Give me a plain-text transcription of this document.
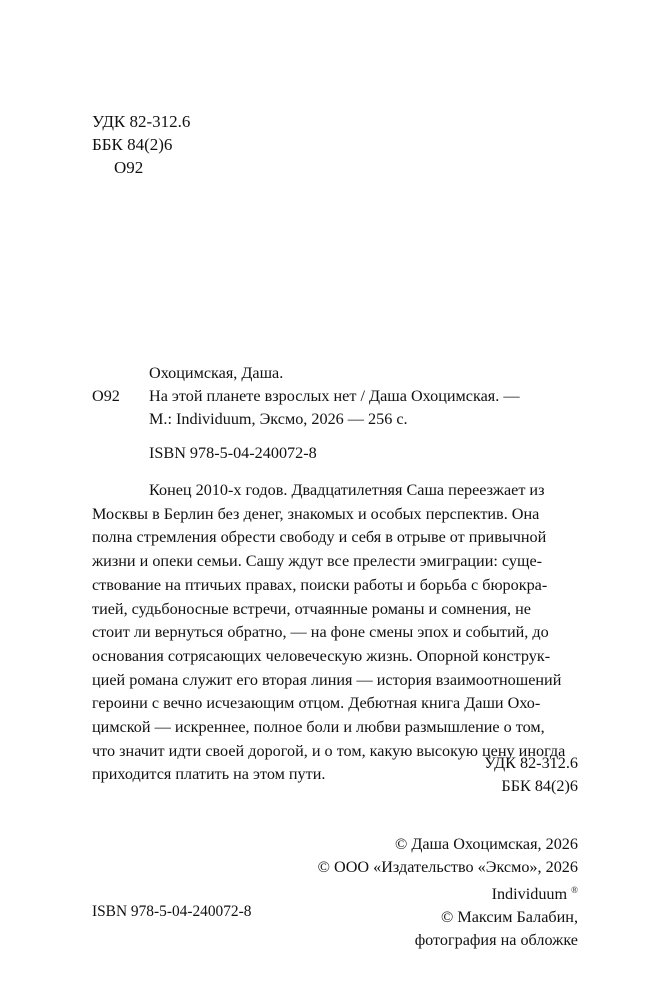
УДК 82-312.6
ББК 84(2)6
О92
Охоцимская, Даша.
О92 На этой планете взрослых нет / Даша Охоцимская. —
М.: Individuum, Эксмо, 2026 — 256 с.
ISBN 978-5-04-240072-8
Конец 2010-х годов. Двадцатилетняя Саша переезжает из
Москвы в Берлин без денег, знакомых и особых перспектив. Она
полна стремления обрести свободу и себя в отрыве от привычной
жизни и опеки семьи. Сашу ждут все прелести эмиграции: суще-
ствование на птичьих правах, поиски работы и борьба с бюрокра-
тией, судьбоносные встречи, отчаянные романы и сомнения, не
стоит ли вернуться обратно, — на фоне смены эпох и событий, до
основания сотрясающих человеческую жизнь. Опорной конструк-
цией романа служит его вторая линия — история взаимоотношений
героини с вечно исчезающим отцом. Дебютная книга Даши Охо-
цимской — искреннее, полное боли и любви размышление о том,
что значит идти своей дорогой, и о том, какую высокую цену иногда
приходится платить на этом пути.
УДК 82-312.6
ББК 84(2)6
© Даша Охоцимская, 2026
© ООО «Издательство «Эксмо», 2026
Individuum ®
© Максим Балабин,
фотография на обложке
ISBN 978-5-04-240072-8
